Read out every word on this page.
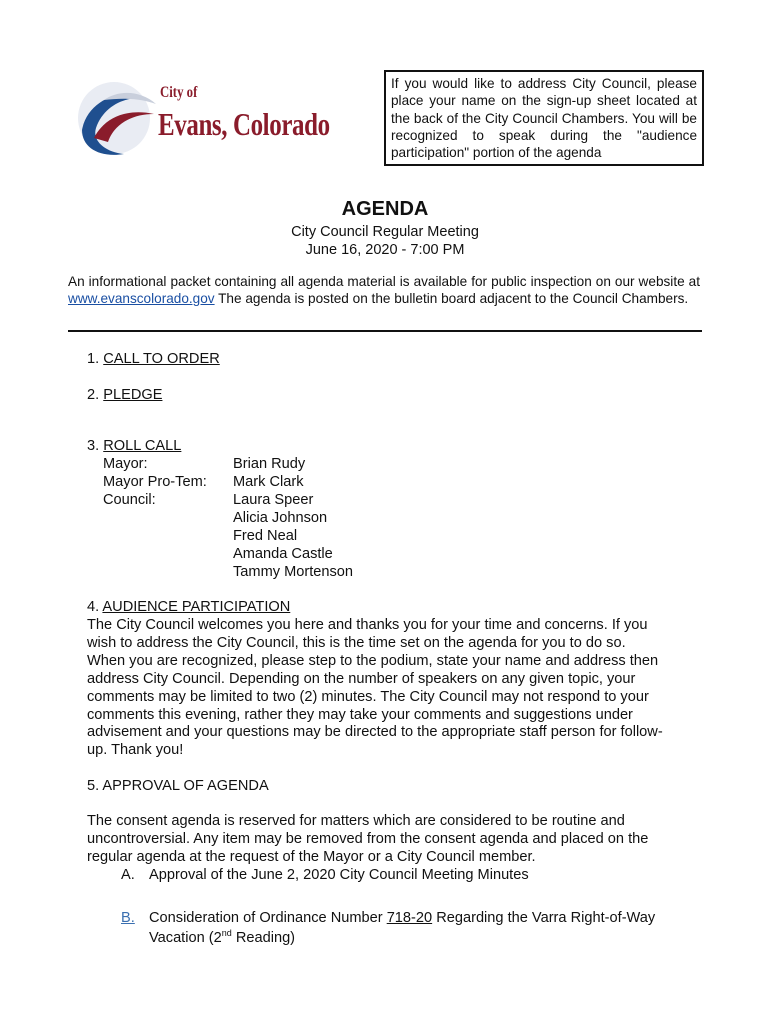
City of
Evans, Colorado
If you would like to address City Council, please place your name on the sign-up sheet located at the back of the City Council Chambers. You will be recognized to speak during the "audience participation" portion of the agenda
AGENDA
City Council Regular Meeting
June 16, 2020 - 7:00 PM
An informational packet containing all agenda material is available for public inspection on our website at www.evanscolorado.gov The agenda is posted on the bulletin board adjacent to the Council Chambers.
1. CALL TO ORDER
2. PLEDGE
3. ROLL CALL
Mayor:	Brian Rudy
Mayor Pro-Tem: Mark Clark
Council:	Laura Speer
Alicia Johnson
Fred Neal
Amanda Castle
Tammy Mortenson
4. AUDIENCE PARTICIPATION
The City Council welcomes you here and thanks you for your time and concerns. If you
wish to address the City Council, this is the time set on the agenda for you to do so.
When you are recognized, please step to the podium, state your name and address then
address City Council. Depending on the number of speakers on any given topic, your
comments may be limited to two (2) minutes. The City Council may not respond to your
comments this evening, rather they may take your comments and suggestions under
advisement and your questions may be directed to the appropriate staff person for follow-
up. Thank you!
5. APPROVAL OF AGENDA
The consent agenda is reserved for matters which are considered to be routine and
uncontroversial. Any item may be removed from the consent agenda and placed on the
regular agenda at the request of the Mayor or a City Council member.
A. Approval of the June 2, 2020 City Council Meeting Minutes
B. Consideration of Ordinance Number 718-20 Regarding the Varra Right-of-Way
Vacation (2nd Reading)
